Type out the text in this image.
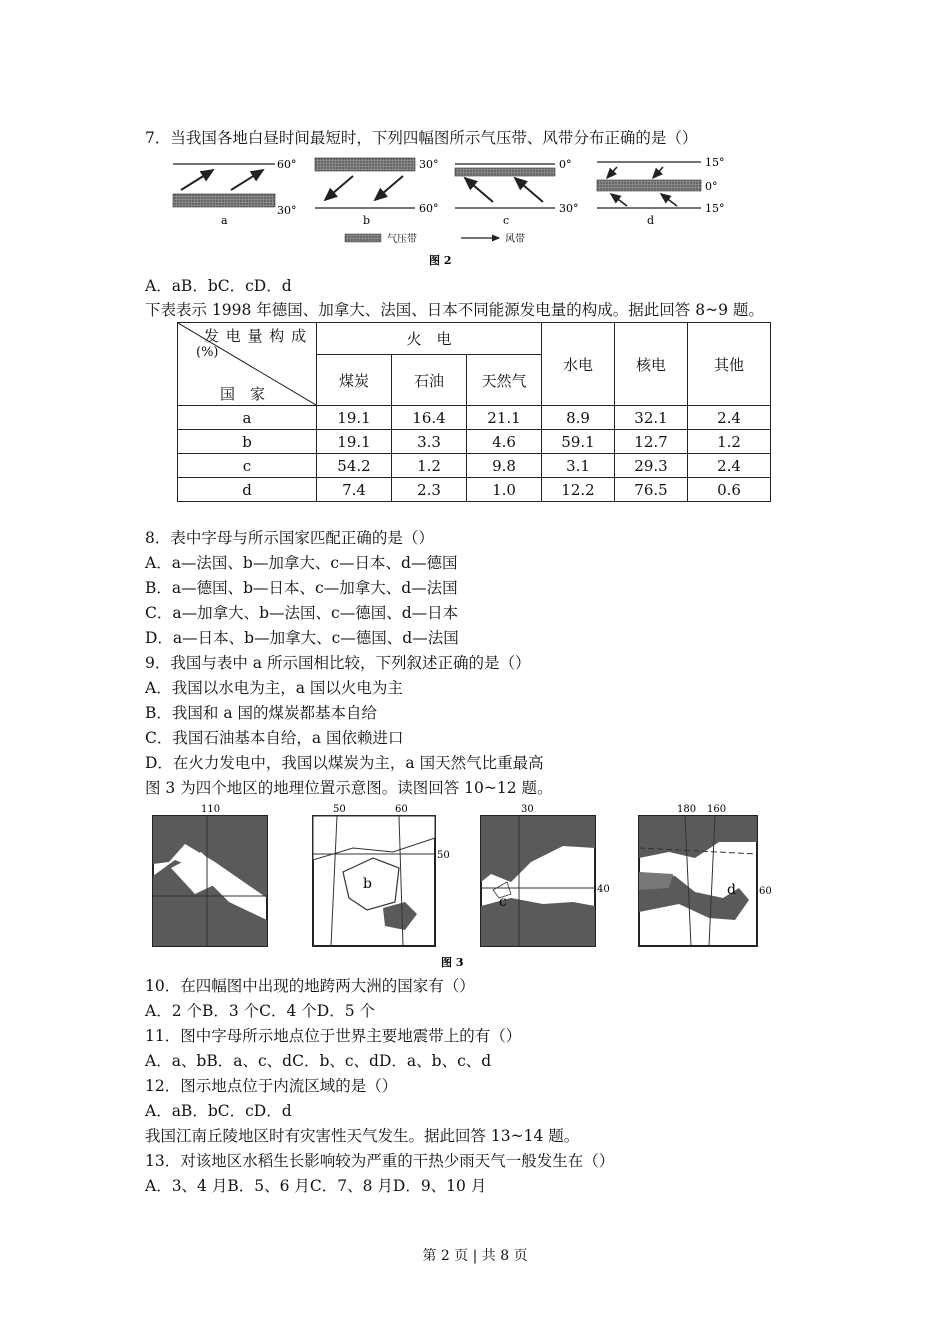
7．当我国各地白昼时间最短时，下列四幅图所示气压带、风带分布正确的是（）
60°
30°
a
30°
60°
b
0°
30°
c
15°
0°
15°
d
气压带	风带
图 2
A．aB．bC．cD．d
下表表示 1998 年德国、加拿大、法国、日本不同能源发电量的构成。据此回答 8~9 题。
发 电 量 构 成
(%)
国　家	火　电			水电	核电	其他
	煤炭	石油	天然气			
a	19.1	16.4	21.1	8.9	32.1	2.4
b	19.1	3.3	4.6	59.1	12.7	1.2
c	54.2	1.2	9.8	3.1	29.3	2.4
d	7.4	2.3	1.0	12.2	76.5	0.6
8．表中字母与所示国家匹配正确的是（）
A．a—法国、b—加拿大、c—日本、d—德国
B．a—德国、b—日本、c—加拿大、d—法国
C．a—加拿大、b—法国、c—德国、d—日本
D．a—日本、b—加拿大、c—德国、d—法国
9．我国与表中 a 所示国相比较，下列叙述正确的是（）
A．我国以水电为主，a 国以火电为主
B．我国和 a 国的煤炭都基本自给
C．我国石油基本自给，a 国依赖进口
D．在火力发电中，我国以煤炭为主，a 国天然气比重最高
图 3 为四个地区的地理位置示意图。读图回答 10~12 题。
110
a
50	60
50
b
30
40
c
180 160
60
d
图 3
10．在四幅图中出现的地跨两大洲的国家有（）
A．2 个B．3 个C．4 个D．5 个
11．图中字母所示地点位于世界主要地震带上的有（）
A．a、bB．a、c、dC．b、c、dD．a、b、c、d
12．图示地点位于内流区域的是（）
A．aB．bC．cD．d
我国江南丘陵地区时有灾害性天气发生。据此回答 13~14 题。
13．对该地区水稻生长影响较为严重的干热少雨天气一般发生在（）
A．3、4 月B．5、6 月C．7、8 月D．9、10 月
第 2 页 | 共 8 页
